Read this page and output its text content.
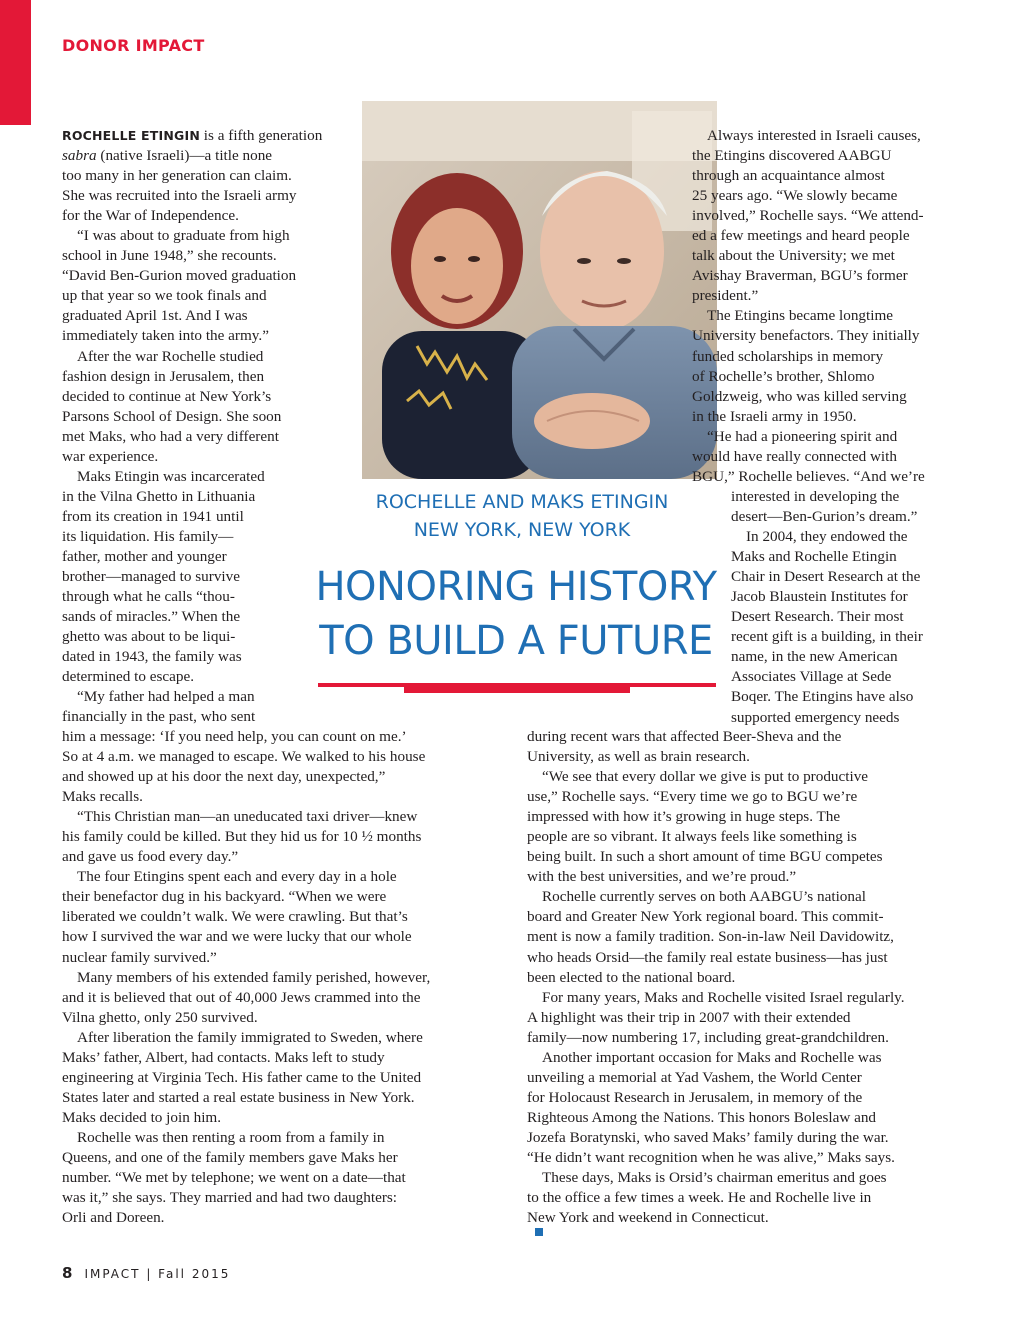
DONOR IMPACT
ROCHELLE ETINGIN is a fifth generation
sabra (native Israeli)—a title none
too many in her generation can claim.
She was recruited into the Israeli army
for the War of Independence.
“I was about to graduate from high
school in June 1948,” she recounts.
“David Ben-Gurion moved graduation
up that year so we took finals and
graduated April 1st. And I was
immediately taken into the army.”
After the war Rochelle studied
fashion design in Jerusalem, then
decided to continue at New York’s
Parsons School of Design. She soon
met Maks, who had a very different
war experience.
Maks Etingin was incarcerated
in the Vilna Ghetto in Lithuania
from its creation in 1941 until
its liquidation. His family—
father, mother and younger
brother—managed to survive
through what he calls “thou-
sands of miracles.” When the
ghetto was about to be liqui-
dated in 1943, the family was
determined to escape.
“My father had helped a man
financially in the past, who sent
him a message: ‘If you need help, you can count on me.’
So at 4 a.m. we managed to escape. We walked to his house
and showed up at his door the next day, unexpected,”
Maks recalls.
“This Christian man—an uneducated taxi driver—knew
his family could be killed. But they hid us for 10 ½ months
and gave us food every day.”
The four Etingins spent each and every day in a hole
their benefactor dug in his backyard. “When we were
liberated we couldn’t walk. We were crawling. But that’s
how I survived the war and we were lucky that our whole
nuclear family survived.”
Many members of his extended family perished, however,
and it is believed that out of 40,000 Jews crammed into the
Vilna ghetto, only 250 survived.
After liberation the family immigrated to Sweden, where
Maks’ father, Albert, had contacts. Maks left to study
engineering at Virginia Tech. His father came to the United
States later and started a real estate business in New York.
Maks decided to join him.
Rochelle was then renting a room from a family in
Queens, and one of the family members gave Maks her
number. “We met by telephone; we went on a date—that
was it,” she says. They married and had two daughters:
Orli and Doreen.
ROCHELLE AND MAKS ETINGIN
NEW YORK, NEW YORK
HONORING HISTORY
TO BUILD A FUTURE
Always interested in Israeli causes,
the Etingins discovered AABGU
through an acquaintance almost
25 years ago. “We slowly became
involved,” Rochelle says. “We attend-
ed a few meetings and heard people
talk about the University; we met
Avishay Braverman, BGU’s former
president.”
The Etingins became longtime
University benefactors. They initially
funded scholarships in memory
of Rochelle’s brother, Shlomo
Goldzweig, who was killed serving
in the Israeli army in 1950.
“He had a pioneering spirit and
would have really connected with
BGU,” Rochelle believes. “And we’re
interested in developing the
desert—Ben-Gurion’s dream.”
In 2004, they endowed the
Maks and Rochelle Etingin
Chair in Desert Research at the
Jacob Blaustein Institutes for
Desert Research. Their most
recent gift is a building, in their
name, in the new American
Associates Village at Sede
Boqer. The Etingins have also
supported emergency needs
during recent wars that affected Beer-Sheva and the
University, as well as brain research.
“We see that every dollar we give is put to productive
use,” Rochelle says. “Every time we go to BGU we’re
impressed with how it’s growing in huge steps. The
people are so vibrant. It always feels like something is
being built. In such a short amount of time BGU competes
with the best universities, and we’re proud.”
Rochelle currently serves on both AABGU’s national
board and Greater New York regional board. This commit-
ment is now a family tradition. Son-in-law Neil Davidowitz,
who heads Orsid—the family real estate business—has just
been elected to the national board.
For many years, Maks and Rochelle visited Israel regularly.
A highlight was their trip in 2007 with their extended
family—now numbering 17, including great-grandchildren.
Another important occasion for Maks and Rochelle was
unveiling a memorial at Yad Vashem, the World Center
for Holocaust Research in Jerusalem, in memory of the
Righteous Among the Nations. This honors Boleslaw and
Jozefa Boratynski, who saved Maks’ family during the war.
“He didn’t want recognition when he was alive,” Maks says.
These days, Maks is Orsid’s chairman emeritus and goes
to the office a few times a week. He and Rochelle live in
New York and weekend in Connecticut.
8 IMPACT | Fall 2015
